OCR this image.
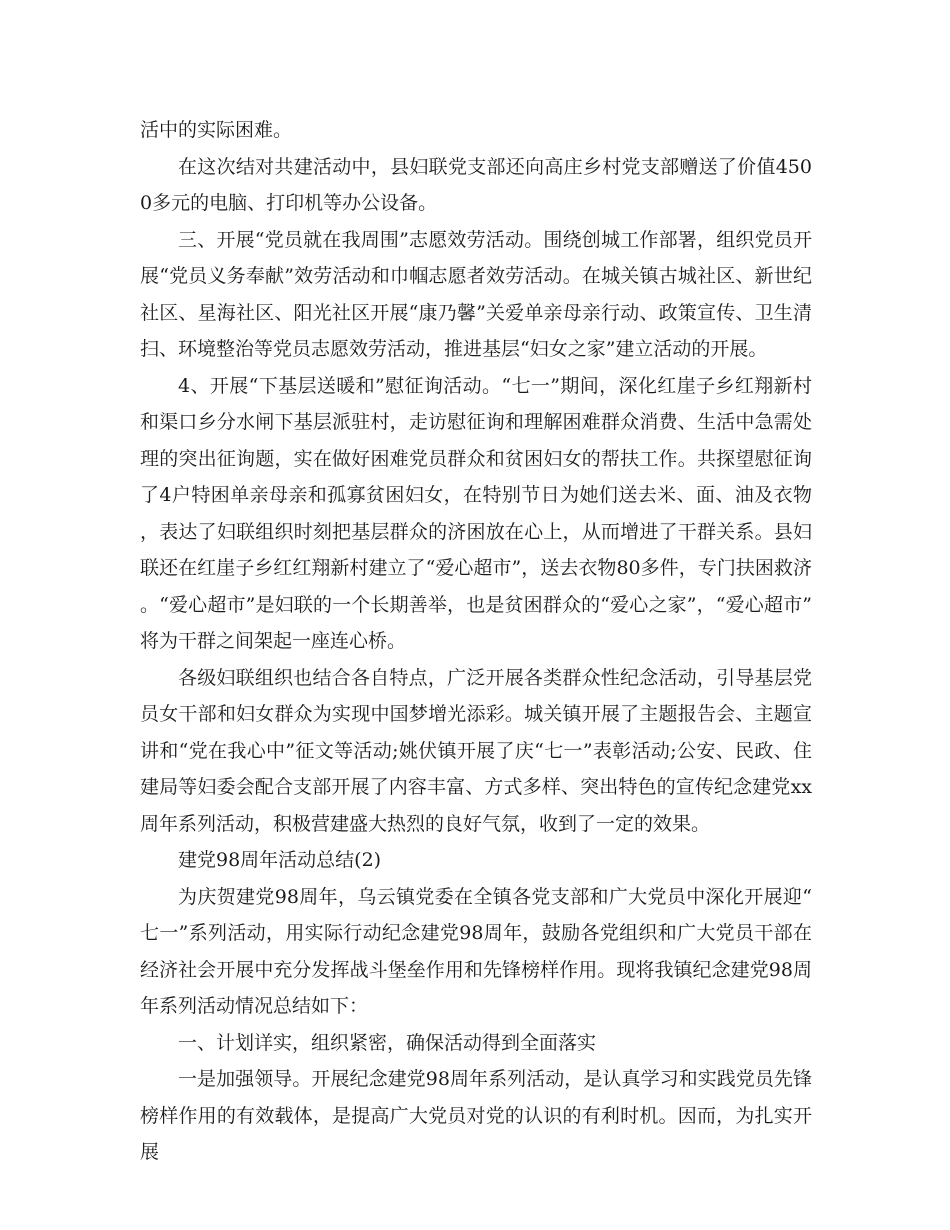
活中的实际困难。

在这次结对共建活动中，县妇联党支部还向高庄乡村党支部赠送了价值4500多元的电脑、打印机等办公设备。

三、开展“党员就在我周围”志愿效劳活动。围绕创城工作部署，组织党员开展“党员义务奉献”效劳活动和巾帼志愿者效劳活动。在城关镇古城社区、新世纪社区、星海社区、阳光社区开展“康乃馨”关爱单亲母亲行动、政策宣传、卫生清扫、环境整治等党员志愿效劳活动，推进基层“妇女之家”建立活动的开展。

4、开展“下基层送暖和”慰征询活动。“七一”期间，深化红崖子乡红翔新村和渠口乡分水闸下基层派驻村，走访慰征询和理解困难群众消费、生活中急需处理的突出征询题，实在做好困难党员群众和贫困妇女的帮扶工作。共探望慰征询了4户特困单亲母亲和孤寡贫困妇女，在特别节日为她们送去米、面、油及衣物，表达了妇联组织时刻把基层群众的济困放在心上，从而增进了干群关系。县妇联还在红崖子乡红红翔新村建立了“爱心超市”，送去衣物80多件，专门扶困救济。“爱心超市”是妇联的一个长期善举，也是贫困群众的“爱心之家”，“爱心超市”将为干群之间架起一座连心桥。

各级妇联组织也结合各自特点，广泛开展各类群众性纪念活动，引导基层党员女干部和妇女群众为实现中国梦增光添彩。城关镇开展了主题报告会、主题宣讲和“党在我心中”征文等活动;姚伏镇开展了庆“七一”表彰活动;公安、民政、住建局等妇委会配合支部开展了内容丰富、方式多样、突出特色的宣传纪念建党xx周年系列活动，积极营建盛大热烈的良好气氛，收到了一定的效果。

建党98周年活动总结(2)

为庆贺建党98周年，乌云镇党委在全镇各党支部和广大党员中深化开展迎“七一”系列活动，用实际行动纪念建党98周年，鼓励各党组织和广大党员干部在经济社会开展中充分发挥战斗堡垒作用和先锋榜样作用。现将我镇纪念建党98周年系列活动情况总结如下：

一、计划详实，组织紧密，确保活动得到全面落实

一是加强领导。开展纪念建党98周年系列活动，是认真学习和实践党员先锋榜样作用的有效载体，是提高广大党员对党的认识的有利时机。因而，为扎实开展
